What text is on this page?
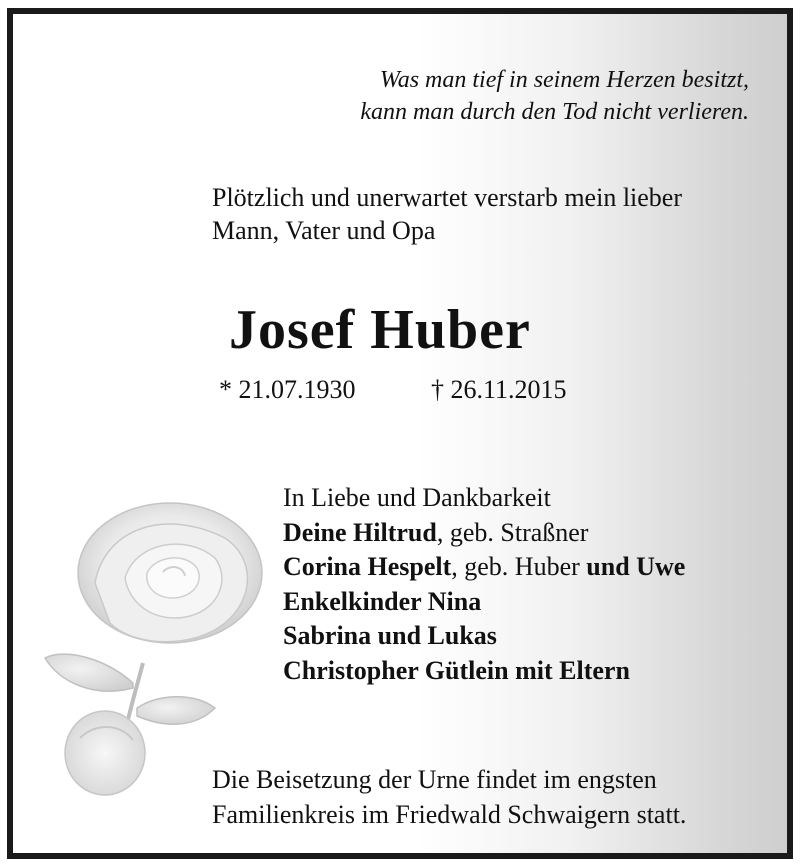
Was man tief in seinem Herzen besitzt,
kann man durch den Tod nicht verlieren.
Plötzlich und unerwartet verstarb mein lieber
Mann, Vater und Opa
Josef Huber
* 21.07.1930	† 26.11.2015
In Liebe und Dankbarkeit
Deine Hiltrud, geb. Straßner
Corina Hespelt, geb. Huber und Uwe
Enkelkinder Nina
Sabrina und Lukas
Christopher Gütlein mit Eltern
Die Beisetzung der Urne findet im engsten
Familienkreis im Friedwald Schwaigern statt.
